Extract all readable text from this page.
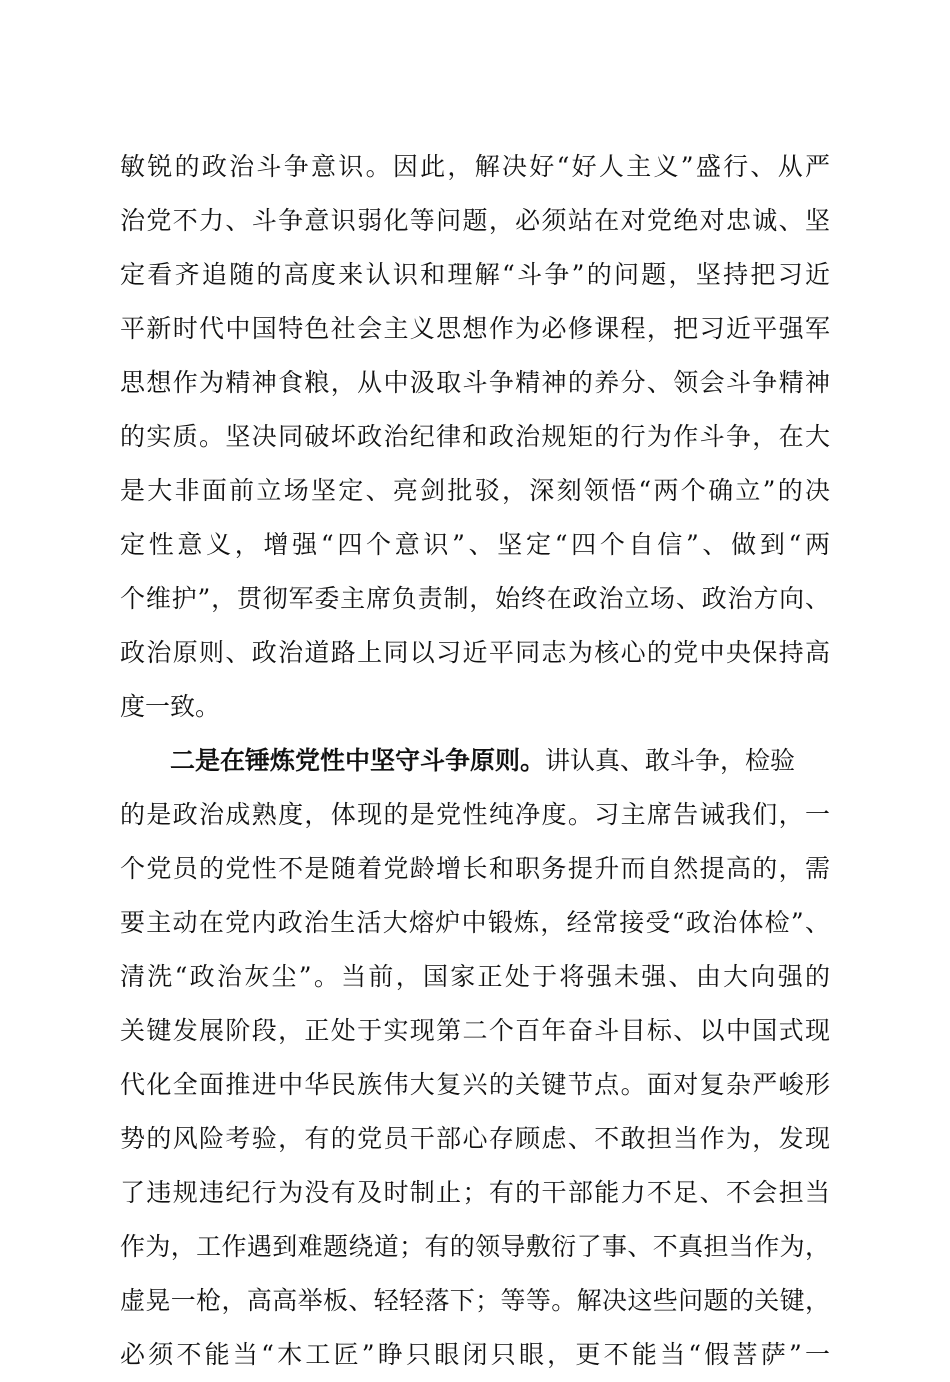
敏锐的政治斗争意识。因此，解决好“好人主义”盛行、从严
治党不力、斗争意识弱化等问题，必须站在对党绝对忠诚、坚
定看齐追随的高度来认识和理解“斗争”的问题，坚持把习近
平新时代中国特色社会主义思想作为必修课程，把习近平强军
思想作为精神食粮，从中汲取斗争精神的养分、领会斗争精神
的实质。坚决同破坏政治纪律和政治规矩的行为作斗争，在大
是大非面前立场坚定、亮剑批驳，深刻领悟“两个确立”的决
定性意义，增强“四个意识”、坚定“四个自信”、做到“两
个维护”，贯彻军委主席负责制，始终在政治立场、政治方向、
政治原则、政治道路上同以习近平同志为核心的党中央保持高
度一致。
二是在锤炼党性中坚守斗争原则。讲认真、敢斗争，检验
的是政治成熟度，体现的是党性纯净度。习主席告诫我们，一
个党员的党性不是随着党龄增长和职务提升而自然提高的，需
要主动在党内政治生活大熔炉中锻炼，经常接受“政治体检”、
清洗“政治灰尘”。当前，国家正处于将强未强、由大向强的
关键发展阶段，正处于实现第二个百年奋斗目标、以中国式现
代化全面推进中华民族伟大复兴的关键节点。面对复杂严峻形
势的风险考验，有的党员干部心存顾虑、不敢担当作为，发现
了违规违纪行为没有及时制止；有的干部能力不足、不会担当
作为，工作遇到难题绕道；有的领导敷衍了事、不真担当作为，
虚晃一枪，高高举板、轻轻落下；等等。解决这些问题的关键，
必须不能当“木工匠”睁只眼闭只眼，更不能当“假菩萨”一
